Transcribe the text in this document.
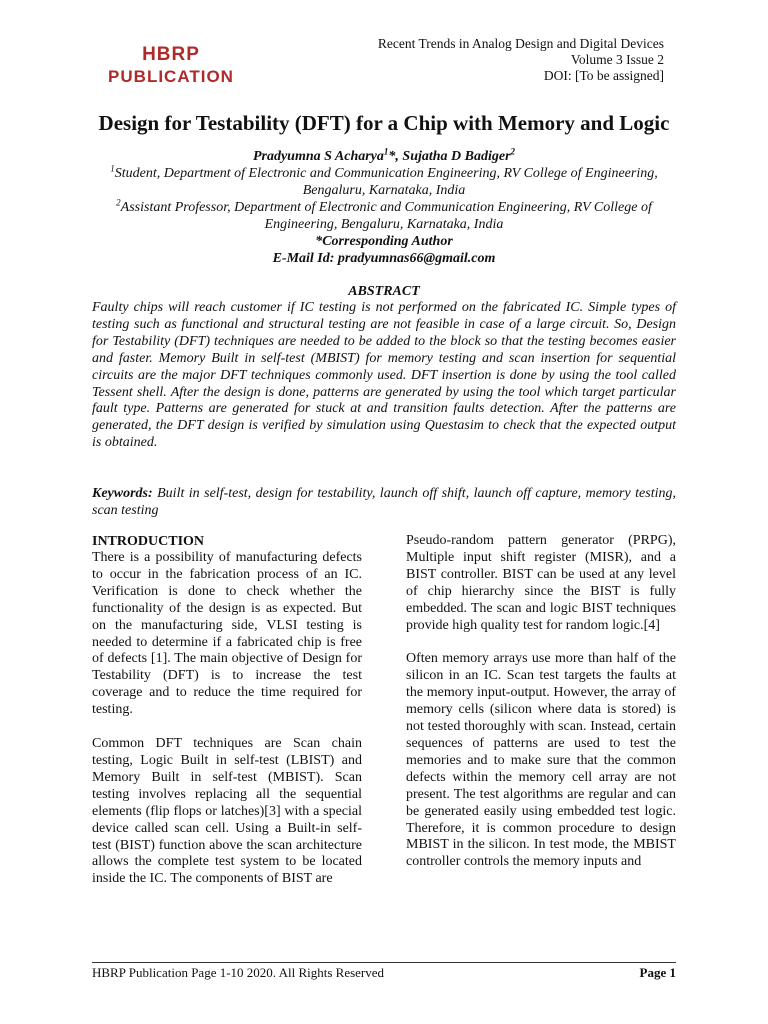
HBRP
PUBLICATION
Recent Trends in Analog Design and Digital Devices
Volume 3 Issue 2
DOI: [To be assigned]
Design for Testability (DFT) for a Chip with Memory and Logic
Pradyumna S Acharya$^1$*, Sujatha D Badiger$^2$
$^1$Student, Department of Electronic and Communication Engineering, RV College of Engineering, Bengaluru, Karnataka, India
$^2$Assistant Professor, Department of Electronic and Communication Engineering, RV College of Engineering, Bengaluru, Karnataka, India
*Corresponding Author
E-Mail Id: pradyumnas66@gmail.com
ABSTRACT
Faulty chips will reach customer if IC testing is not performed on the fabricated IC. Simple types of testing such as functional and structural testing are not feasible in case of a large circuit. So, Design for Testability (DFT) techniques are needed to be added to the block so that the testing becomes easier and faster. Memory Built in self-test (MBIST) for memory testing and scan insertion for sequential circuits are the major DFT techniques commonly used. DFT insertion is done by using the tool called Tessent shell. After the design is done, patterns are generated by using the tool which target particular fault type. Patterns are generated for stuck at and transition faults detection. After the patterns are generated, the DFT design is verified by simulation using Questasim to check that the expected output is obtained.
Keywords: Built in self-test, design for testability, launch off shift, launch off capture, memory testing, scan testing
INTRODUCTION

There is a possibility of manufacturing defects to occur in the fabrication process of an IC. Verification is done to check whether the functionality of the design is as expected. But on the manufacturing side, VLSI testing is needed to determine if a fabricated chip is free of defects [1]. The main objective of Design for Testability (DFT) is to increase the test coverage and to reduce the time required for testing.

Common DFT techniques are Scan chain testing, Logic Built in self-test (LBIST) and Memory Built in self-test (MBIST). Scan testing involves replacing all the sequential elements (flip flops or latches)[3] with a special device called scan cell. Using a Built-in self-test (BIST) function above the scan architecture allows the complete test system to be located inside the IC. The components of BIST are

Pseudo-random pattern generator (PRPG), Multiple input shift register (MISR), and a BIST controller. BIST can be used at any level of chip hierarchy since the BIST is fully embedded. The scan and logic BIST techniques provide high quality test for random logic.[4]

Often memory arrays use more than half of the silicon in an IC. Scan test targets the faults at the memory input-output. However, the array of memory cells (silicon where data is stored) is not tested thoroughly with scan. Instead, certain sequences of patterns are used to test the memories and to make sure that the common defects within the memory cell array are not present. The test algorithms are regular and can be generated easily using embedded test logic. Therefore, it is common procedure to design MBIST in the silicon. In test mode, the MBIST controller controls the memory inputs and

HBRP Publication Page 1-10 2020. All Rights Reserved	Page 1
